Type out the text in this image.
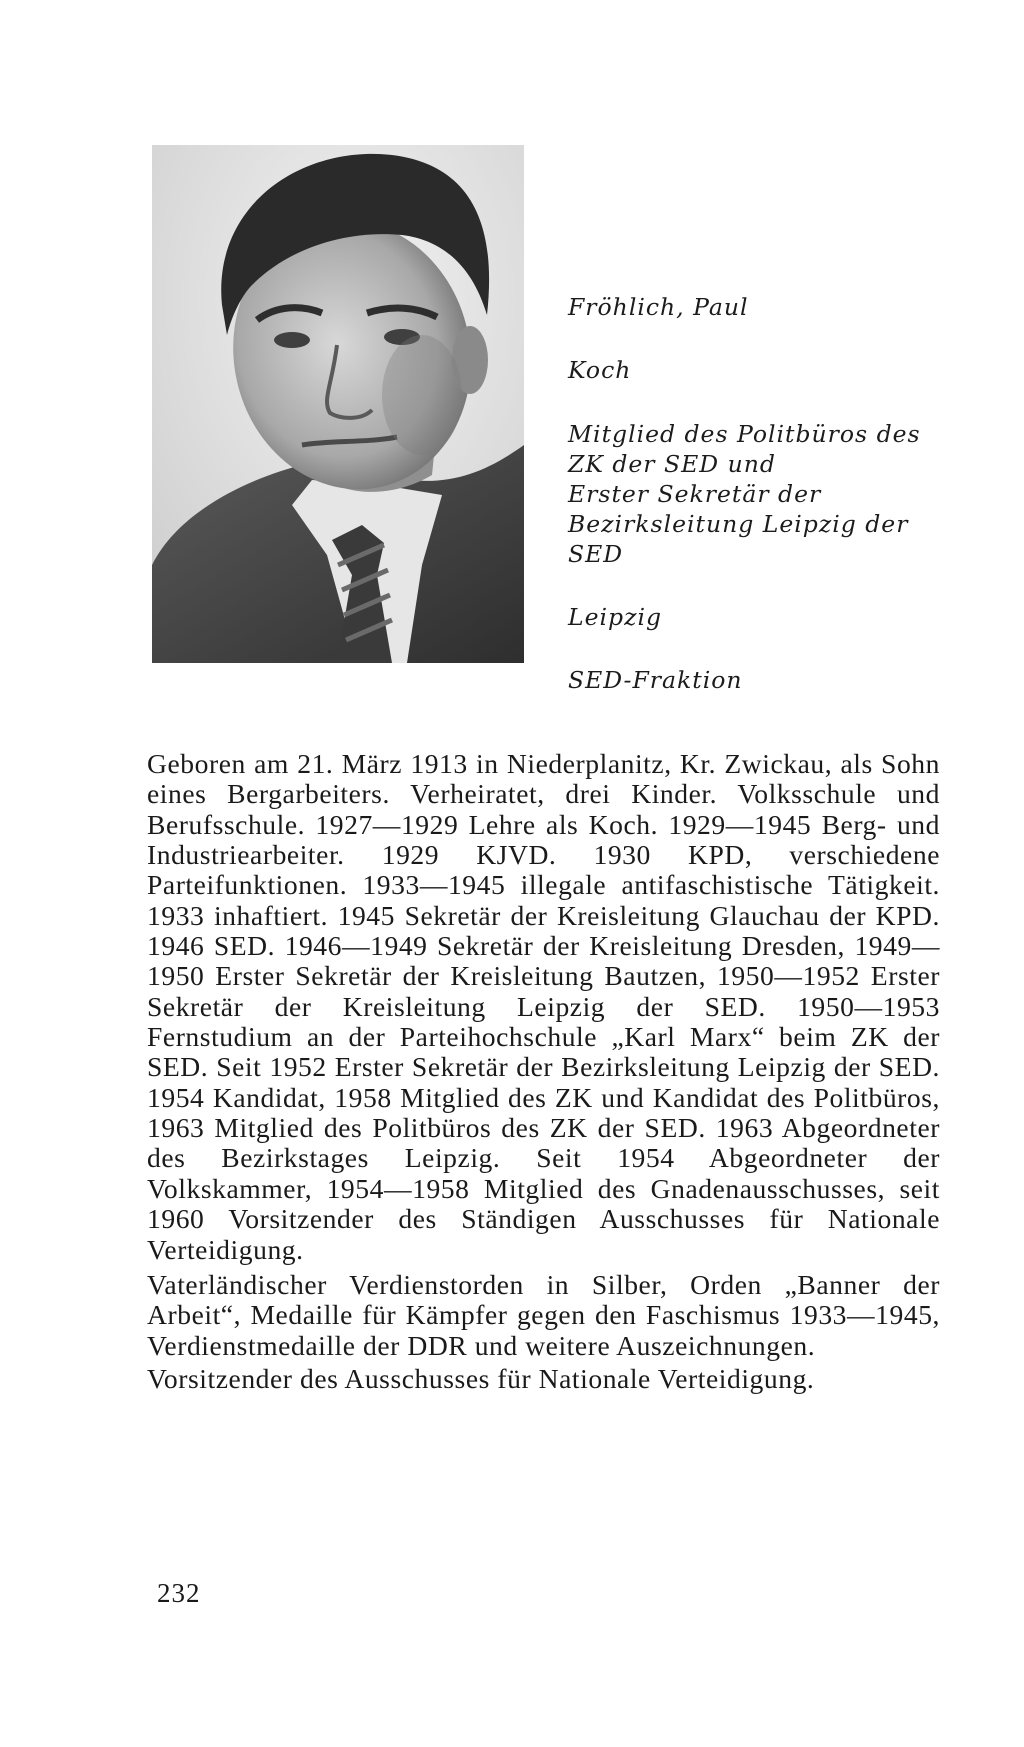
Fröhlich, Paul

Koch

Mitglied des Politbüros des

ZK der SED und

Erster Sekretär der

Bezirksleitung Leipzig der

SED

Leipzig

SED-Fraktion

Geboren am 21. März 1913 in Niederplanitz, Kr. Zwickau, als Sohn eines Bergarbeiters. Verheiratet, drei Kinder. Volksschule und Berufsschule. 1927—1929 Lehre als Koch. 1929—1945 Berg- und Industriearbeiter. 1929 KJVD. 1930 KPD, verschiedene Parteifunktionen. 1933—1945 illegale antifaschistische Tätigkeit. 1933 inhaftiert. 1945 Sekretär der Kreisleitung Glauchau der KPD. 1946 SED. 1946—1949 Sekretär der Kreisleitung Dresden, 1949—1950 Erster Sekretär der Kreisleitung Bautzen, 1950—1952 Erster Sekretär der Kreisleitung Leipzig der SED. 1950—1953 Fernstudium an der Parteihochschule „Karl Marx“ beim ZK der SED. Seit 1952 Erster Sekretär der Bezirksleitung Leipzig der SED. 1954 Kandidat, 1958 Mitglied des ZK und Kandidat des Politbüros, 1963 Mitglied des Politbüros des ZK der SED. 1963 Abgeordneter des Bezirkstages Leipzig. Seit 1954 Abgeordneter der Volkskammer, 1954—1958 Mitglied des Gnadenausschusses, seit 1960 Vorsitzender des Ständigen Ausschusses für Nationale Verteidigung.

Vaterländischer Verdienstorden in Silber, Orden „Banner der Arbeit“, Medaille für Kämpfer gegen den Faschismus 1933—1945, Verdienstmedaille der DDR und weitere Auszeichnungen.

Vorsitzender des Ausschusses für Nationale Verteidigung.

232
